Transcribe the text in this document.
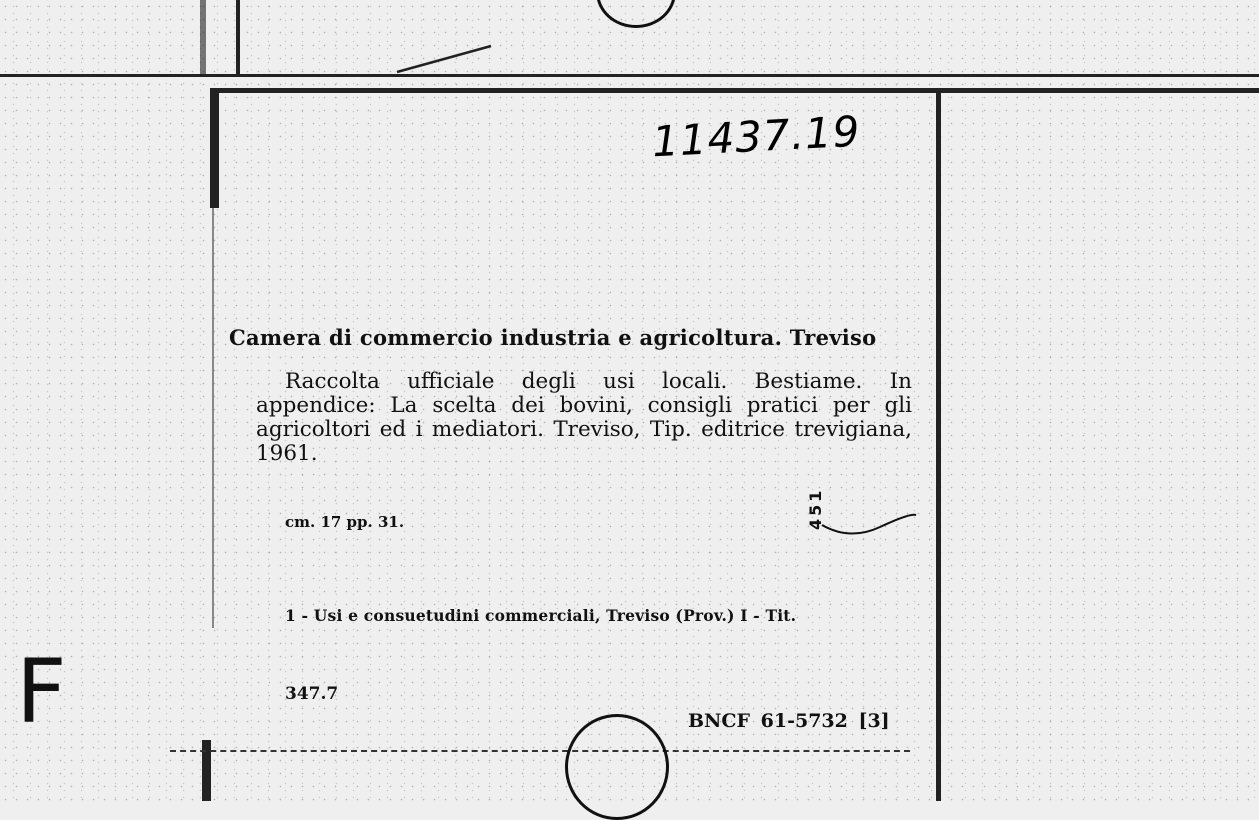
11437.19
Camera di commercio industria e agricoltura. Treviso
Raccolta ufficiale degli usi locali. Bestiame. In appendice: La scelta dei bovini, consigli pratici per gli agricoltori ed i mediatori. Treviso, Tip. editrice trevigiana, 1961.
cm. 17 pp. 31.	451
1 - Usi e consuetudini commerciali, Treviso (Prov.) I - Tit.
347.7
BNCF 61-5732 [3]
F
